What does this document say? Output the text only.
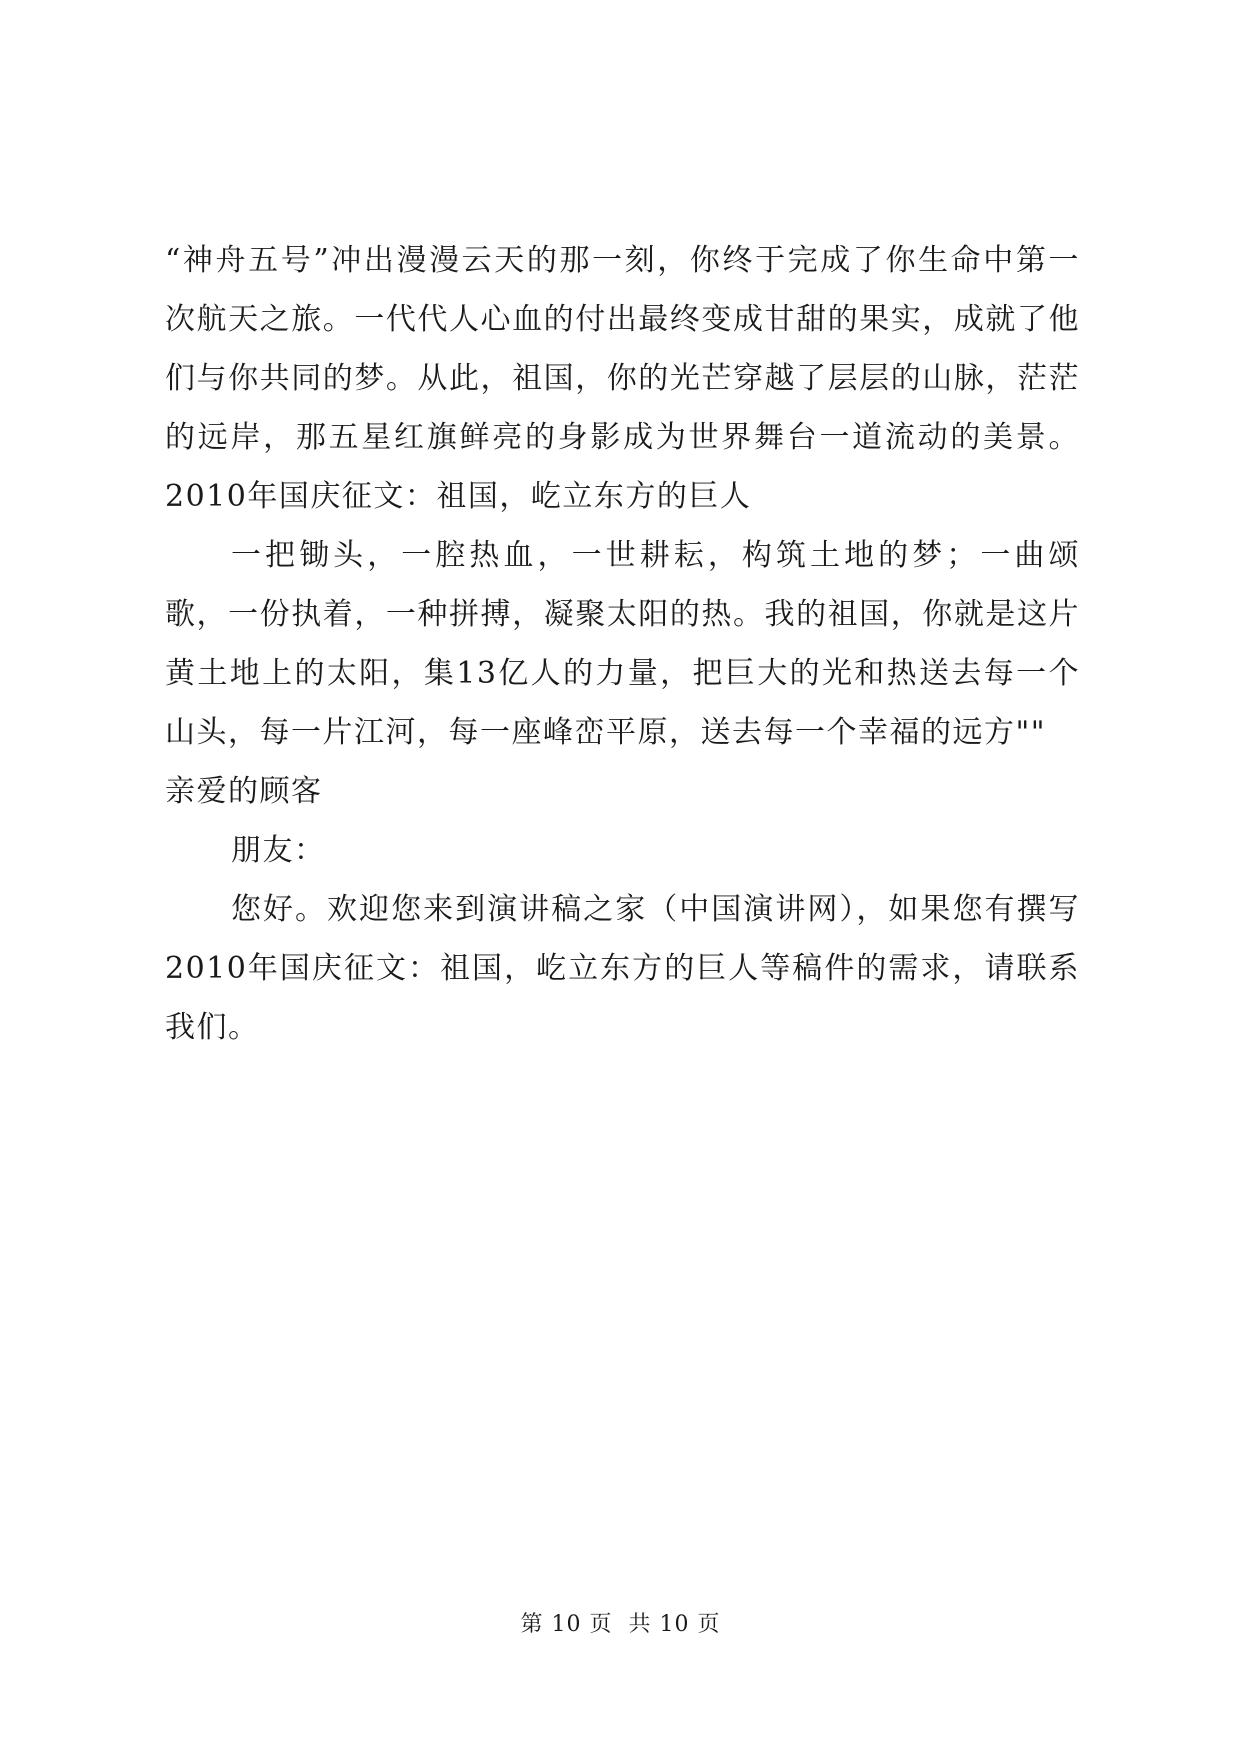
“神舟五号”冲出漫漫云天的那一刻，你终于完成了你生命中第一次航天之旅。一代代人心血的付出最终变成甘甜的果实，成就了他们与你共同的梦。从此，祖国，你的光芒穿越了层层的山脉，茫茫的远岸，那五星红旗鲜亮的身影成为世界舞台一道流动的美景。2010年国庆征文：祖国，屹立东方的巨人

一把锄头，一腔热血，一世耕耘，构筑土地的梦；一曲颂歌，一份执着，一种拼搏，凝聚太阳的热。我的祖国，你就是这片黄土地上的太阳，集13亿人的力量，把巨大的光和热送去每一个山头，每一片江河，每一座峰峦平原，送去每一个幸福的远方""

亲爱的顾客

朋友：

您好。欢迎您来到演讲稿之家（中国演讲网），如果您有撰写2010年国庆征文：祖国，屹立东方的巨人等稿件的需求，请联系我们。

第 10 页  共 10 页
